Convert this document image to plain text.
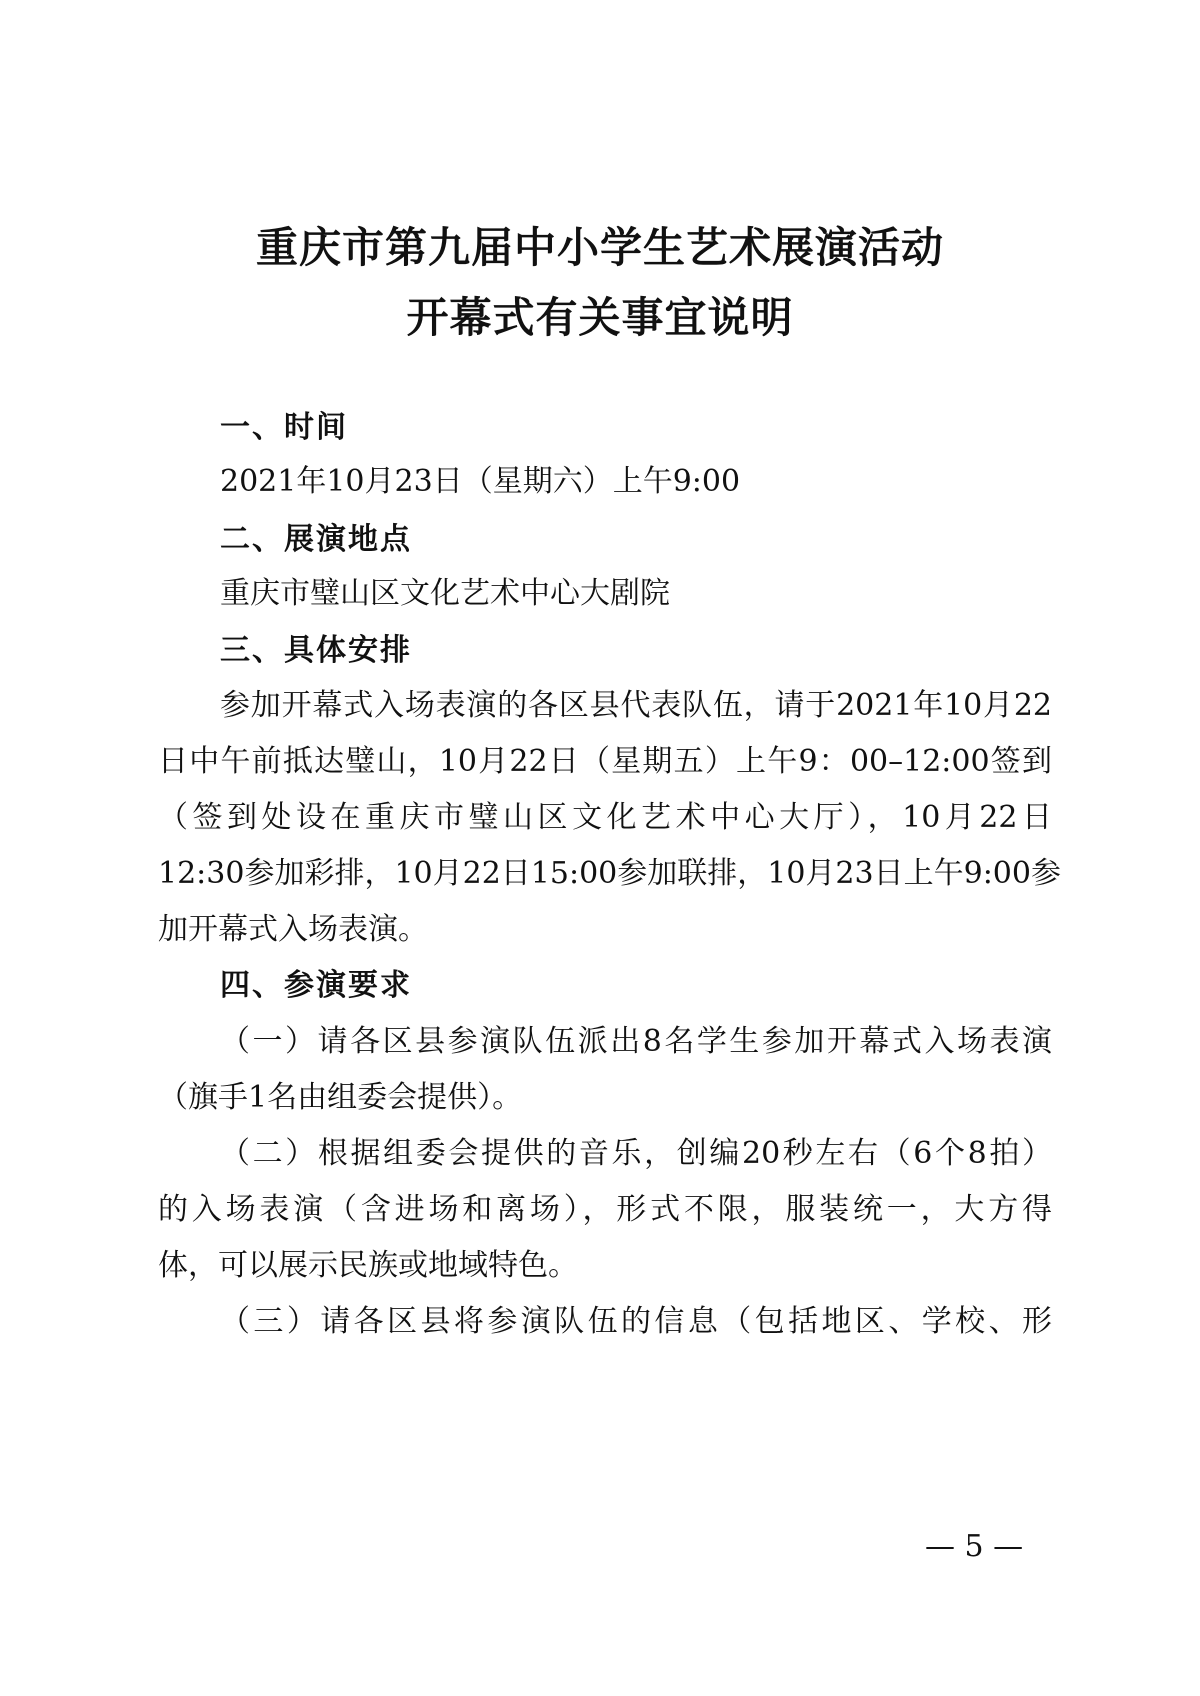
重庆市第九届中小学生艺术展演活动
开幕式有关事宜说明
一、时间
2021年10月23日（星期六）上午9:00
二、展演地点
重庆市璧山区文化艺术中心大剧院
三、具体安排
参加开幕式入场表演的各区县代表队伍，请于2021年10月22
日中午前抵达璧山，10月22日（星期五）上午9：00–12:00签到
（签到处设在重庆市璧山区文化艺术中心大厅），10月22日
12:30参加彩排，10月22日15:00参加联排，10月23日上午9:00参
加开幕式入场表演。
四、参演要求
（一）请各区县参演队伍派出8名学生参加开幕式入场表演
（旗手1名由组委会提供）。
（二）根据组委会提供的音乐，创编20秒左右（6个8拍）
的入场表演（含进场和离场），形式不限，服装统一，大方得
体，可以展示民族或地域特色。
（三）请各区县将参演队伍的信息（包括地区、学校、形
— 5 —
